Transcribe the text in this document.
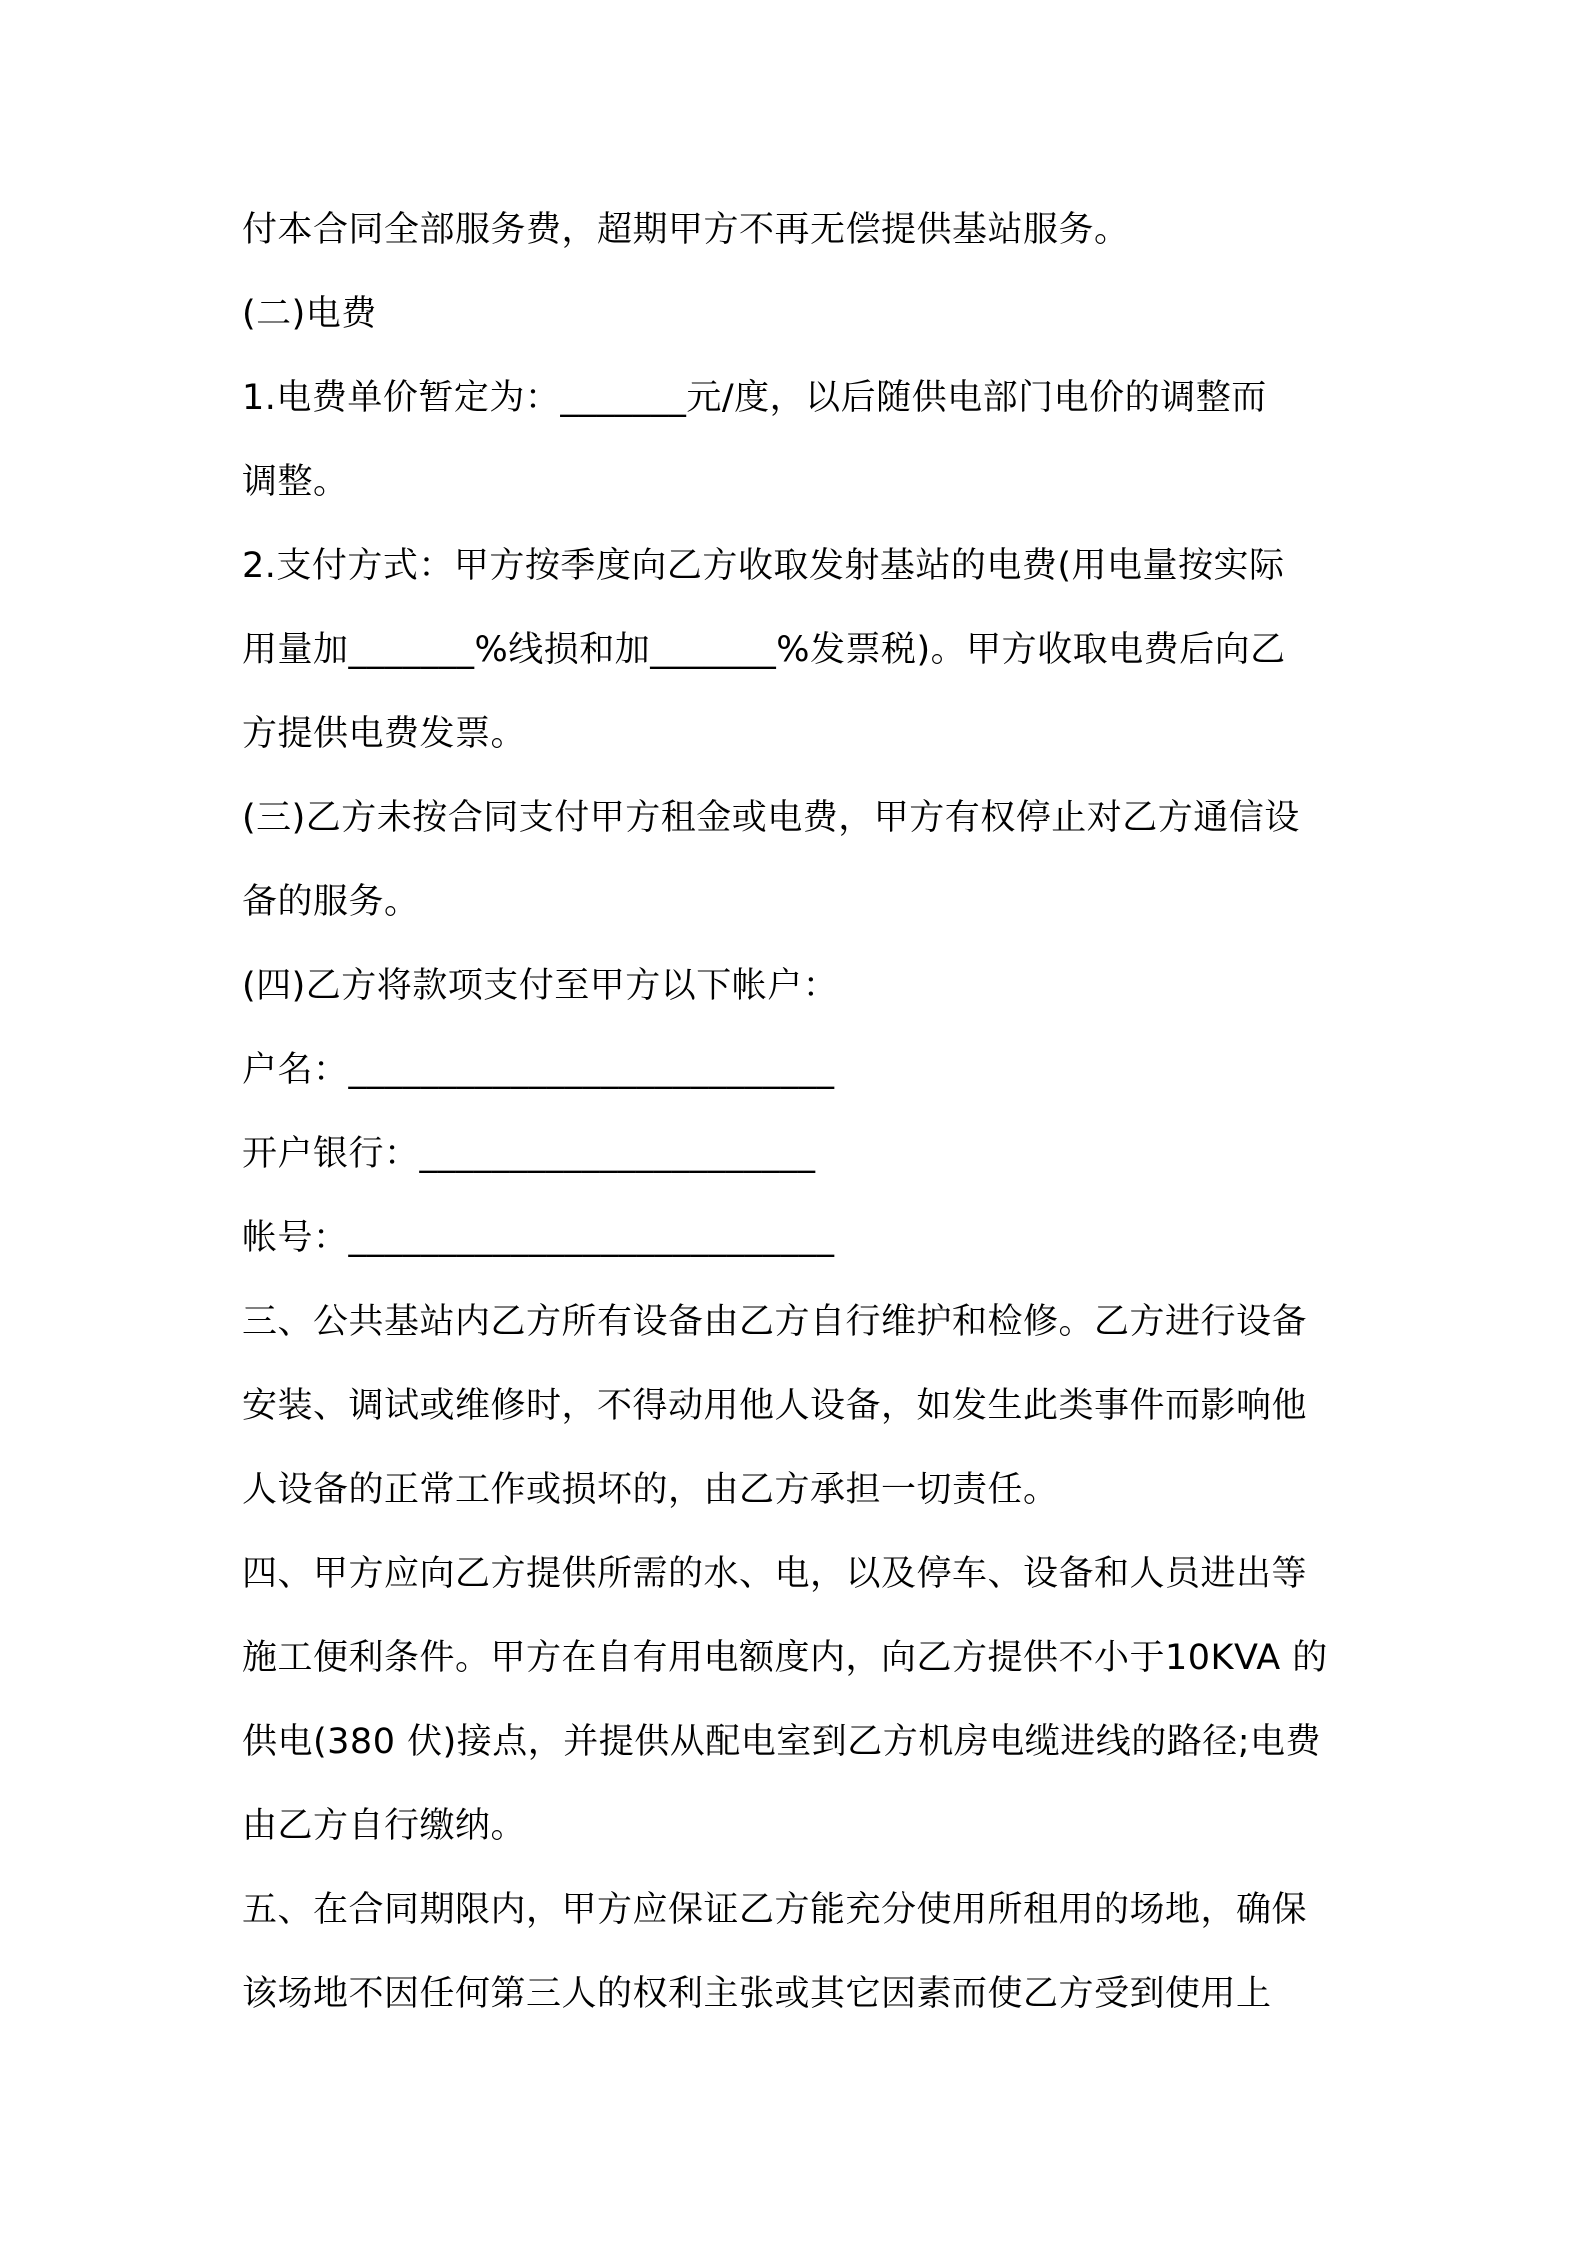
付本合同全部服务费，超期甲方不再无偿提供基站服务。
(二)电费
1.电费单价暂定为：_______元/度，以后随供电部门电价的调整而
调整。
2.支付方式：甲方按季度向乙方收取发射基站的电费(用电量按实际
用量加_______%线损和加_______%发票税)。甲方收取电费后向乙
方提供电费发票。
(三)乙方未按合同支付甲方租金或电费，甲方有权停止对乙方通信设
备的服务。
(四)乙方将款项支付至甲方以下帐户：
户名：___________________________
开户银行：______________________
帐号：___________________________
三、公共基站内乙方所有设备由乙方自行维护和检修。乙方进行设备
安装、调试或维修时，不得动用他人设备，如发生此类事件而影响他
人设备的正常工作或损坏的，由乙方承担一切责任。
四、甲方应向乙方提供所需的水、电，以及停车、设备和人员进出等
施工便利条件。甲方在自有用电额度内，向乙方提供不小于10KVA 的
供电(380 伏)接点，并提供从配电室到乙方机房电缆进线的路径;电费
由乙方自行缴纳。
五、在合同期限内，甲方应保证乙方能充分使用所租用的场地，确保
该场地不因任何第三人的权利主张或其它因素而使乙方受到使用上
